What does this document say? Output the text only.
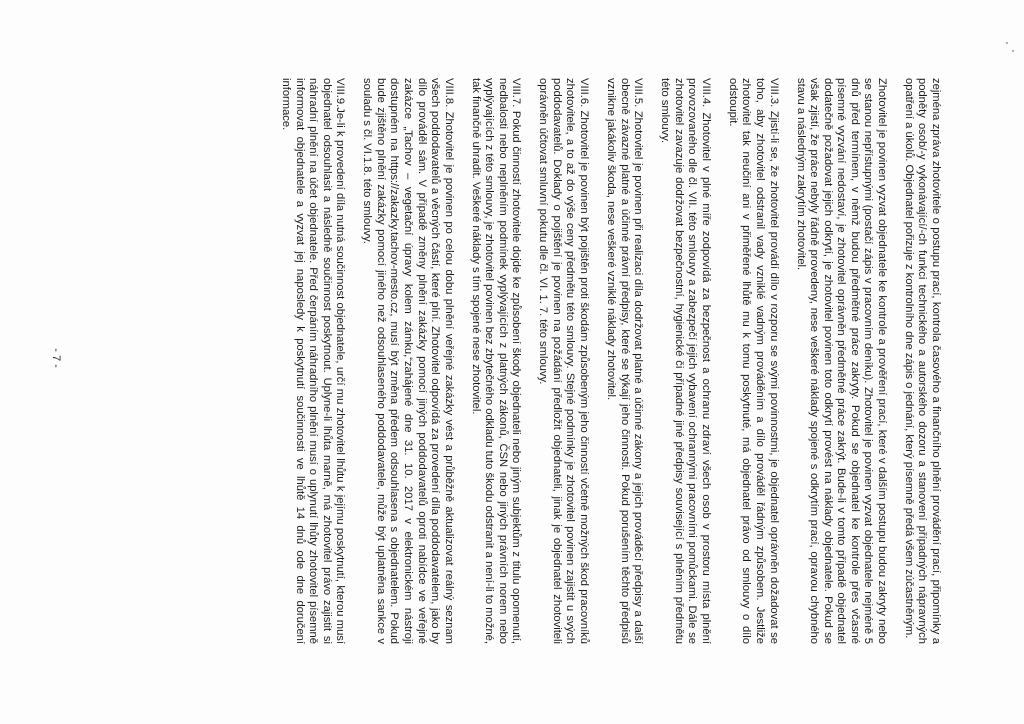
zejména zpráva zhotovitele o postupu prací, kontrola časového a finančního plnění provádění prací, připomínky a podněty osob/-y vykonávající/-ch funkci technického a autorského dozoru a stanovení případných nápravných opatření a úkolů. Objednatel pořizuje z kontrolního dne zápis o jednání, který písemně předá všem zúčastněným.

Zhotovitel je povinen vyzvat objednatele ke kontrole a prověření prací, které v dalším postupu budou zakryty nebo se stanou nepřístupnými (postačí zápis v pracovním deníku). Zhotovitel je povinen vyzvat objednatele nejméně 5 dnů před termínem, v němž budou předmětné práce zakryty. Pokud se objednatel ke kontrole přes včasné písemné vyzvání nedostaví, je zhotovitel oprávněn předmětné práce zakrýt. Bude-li v tomto případě objednatel dodatečně požadovat jejich odkrytí, je zhotovitel povinen toto odkrytí provést na náklady objednatele. Pokud se však zjistí, že práce nebyly řádně provedeny, nese veškeré náklady spojené s odkrytím prací, opravou chybného stavu a následným zakrytím zhotovitel.

VIII.3. Zjistí-li se, že zhotovitel provádí dílo v rozporu se svými povinnostmi, je objednatel oprávněn dožadovat se toho, aby zhotovitel odstranil vady vzniklé vadným prováděním a dílo prováděl řádným způsobem. Jestliže zhotovitel tak neučiní ani v přiměřené lhůtě mu k tomu poskytnuté, má objednatel právo od smlouvy o dílo odstoupit.

VIII.4. Zhotovitel v plné míře zodpovídá za bezpečnost a ochranu zdraví všech osob v prostoru místa plnění provozovaného dle čl. VII. této smlouvy a zabezpečí jejich vybavení ochrannými pracovními pomůckami. Dále se zhotovitel zavazuje dodržovat bezpečnostní, hygienické či případné jiné předpisy související s plněním předmětu této smlouvy.

VIII.5. Zhotovitel je povinen při realizaci díla dodržovat platné a účinné zákony a jejich prováděcí předpisy a další obecně závazné platné a účinné právní předpisy, které se týkají jeho činnosti. Pokud porušením těchto předpisů vznikne jakákoliv škoda, nese veškeré vzniklé náklady zhotovitel.

VIII.6. Zhotovitel je povinen být pojištěn proti škodám způsobeným jeho činností včetně možných škod pracovníků zhotovitele, a to až do výše ceny předmětu této smlouvy. Stejné podmínky je zhotovitel povinen zajistit u svých poddodavatelů. Doklady o pojištění je povinen na požádání předložit objednateli, jinak je objednatel zhotoviteli oprávněn účtovat smluvní pokutu dle čl. VI. 1. 7. této smlouvy.

VIII.7. Pokud činností zhotovitele dojde ke způsobení škody objednateli nebo jiným subjektům z titulu opomenutí, nedbalosti nebo neplněním podmínek vyplývajících z platných zákonů, ČSN nebo jiných právních norem nebo vyplývajících z této smlouvy, je zhotovitel povinen bez zbytečného odkladu tuto škodu odstranit a není-li to možné, tak finančně uhradit. Veškeré náklady s tím spojené nese zhotovitel.

VIII.8. Zhotovitel je povinen po celou dobu plnění veřejné zakázky vést a průběžně aktualizovat reálný seznam všech poddodavatelů a věcných částí, které plní. Zhotovitel odpovídá za provedení díla poddodavatelem, jako by dílo prováděl sám. V případě změny plnění zakázky pomocí jiných poddodavatelů oproti nabídce ve veřejné zakázce „Tachov – vegetační úpravy kolem zámku,“zahájené dne 31. 10. 2017 v elektronickém nástroji dostupném na https://zakazky.tachov-mesto.cz, musí být změna předem odsouhlasena s objednatelem. Pokud bude zjištěno plnění zakázky pomocí jiného než odsouhlaseného poddodavatele, může být uplatněna sankce v souladu s čl. VI.1.8. této smlouvy.

VIII.9.Je-li k provedení díla nutná součinnost objednatele, určí mu zhotovitel lhůtu k jejímu poskytnutí, kterou musí objednatel odsouhlasit a následně součinnost poskytnout. Uplyne-li lhůta marně, má zhotovitel právo zajistit si náhradní plnění na účet objednatele. Před čerpáním náhradního plnění musí o uplynutí lhůty zhotovitel písemně informovat objednatele a vyzvat jej naposledy k poskytnutí součinnosti ve lhůtě 14 dnů ode dne doručení informace.

- 7 -
